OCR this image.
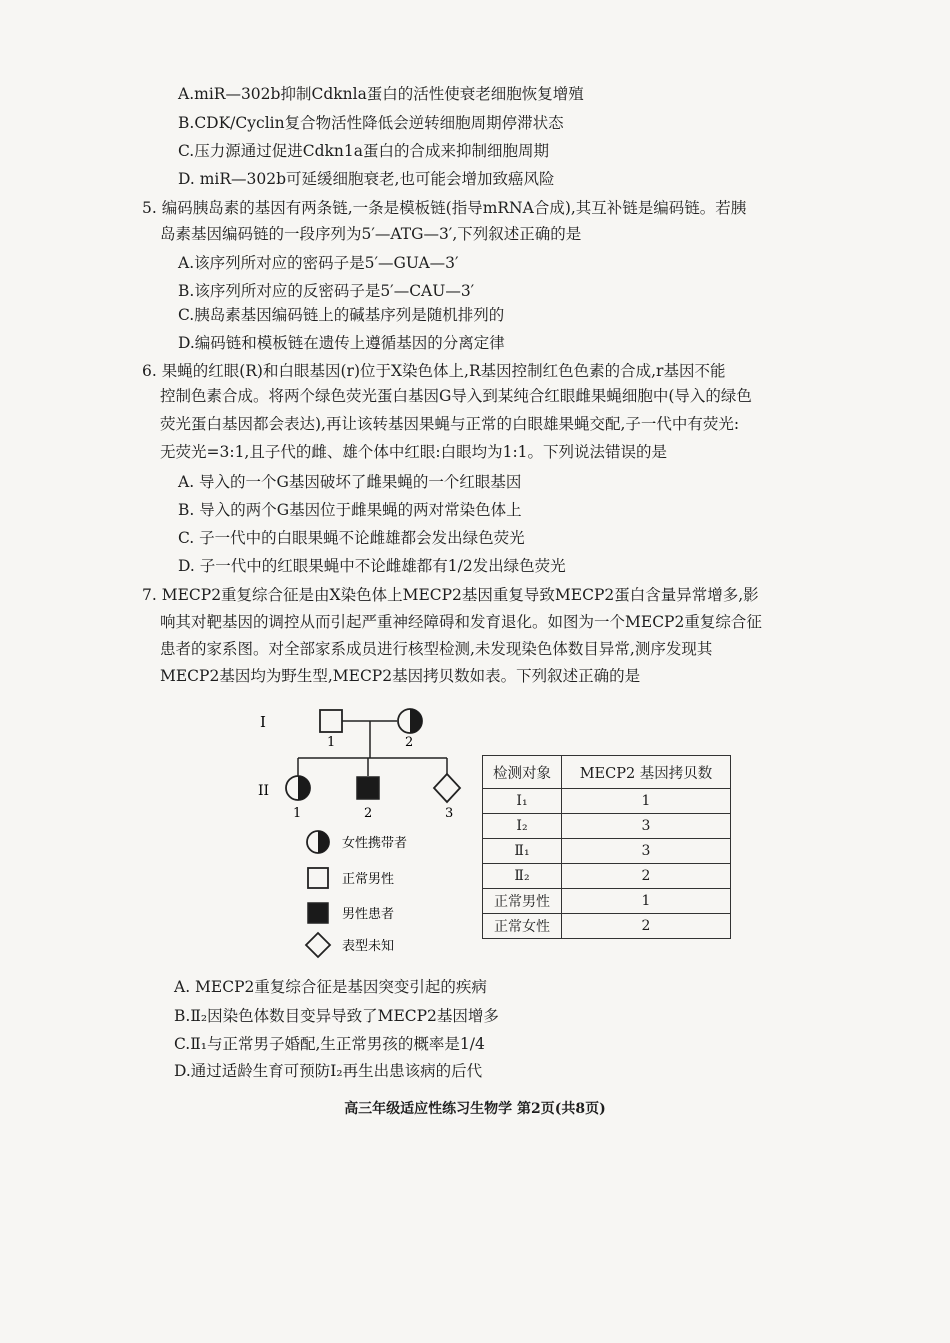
A.miR—302b抑制Cdknla蛋白的活性使衰老细胞恢复增殖
B.CDK/Cyclin复合物活性降低会逆转细胞周期停滞状态
C.压力源通过促进Cdkn1a蛋白的合成来抑制细胞周期
D. miR—302b可延缓细胞衰老,也可能会增加致癌风险
5. 编码胰岛素的基因有两条链,一条是模板链(指导mRNA合成),其互补链是编码链。若胰
岛素基因编码链的一段序列为5′—ATG—3′,下列叙述正确的是
A.该序列所对应的密码子是5′—GUA—3′
B.该序列所对应的反密码子是5′—CAU—3′
C.胰岛素基因编码链上的碱基序列是随机排列的
D.编码链和模板链在遗传上遵循基因的分离定律
6. 果蝇的红眼(R)和白眼基因(r)位于X染色体上,R基因控制红色色素的合成,r基因不能
控制色素合成。将两个绿色荧光蛋白基因G导入到某纯合红眼雌果蝇细胞中(导入的绿色
荧光蛋白基因都会表达),再让该转基因果蝇与正常的白眼雄果蝇交配,子一代中有荧光:
无荧光=3:1,且子代的雌、雄个体中红眼:白眼均为1:1。下列说法错误的是
A. 导入的一个G基因破坏了雌果蝇的一个红眼基因
B. 导入的两个G基因位于雌果蝇的两对常染色体上
C. 子一代中的白眼果蝇不论雌雄都会发出绿色荧光
D. 子一代中的红眼果蝇中不论雌雄都有1/2发出绿色荧光
7. MECP2重复综合征是由X染色体上MECP2基因重复导致MECP2蛋白含量异常增多,影
响其对靶基因的调控从而引起严重神经障碍和发育退化。如图为一个MECP2重复综合征
患者的家系图。对全部家系成员进行核型检测,未发现染色体数目异常,测序发现其
MECP2基因均为野生型,MECP2基因拷贝数如表。下列叙述正确的是
I
1	2
II
1	2	3
女性携带者
正常男性
男性患者
表型未知
检测对象	MECP2 基因拷贝数
Ⅰ₁	1
Ⅰ₂	3
Ⅱ₁	3
Ⅱ₂	2
正常男性	1
正常女性	2
A. MECP2重复综合征是基因突变引起的疾病
B.Ⅱ₂因染色体数目变异导致了MECP2基因增多
C.Ⅱ₁与正常男子婚配,生正常男孩的概率是1/4
D.通过适龄生育可预防Ⅰ₂再生出患该病的后代
高三年级适应性练习生物学 第2页(共8页)
